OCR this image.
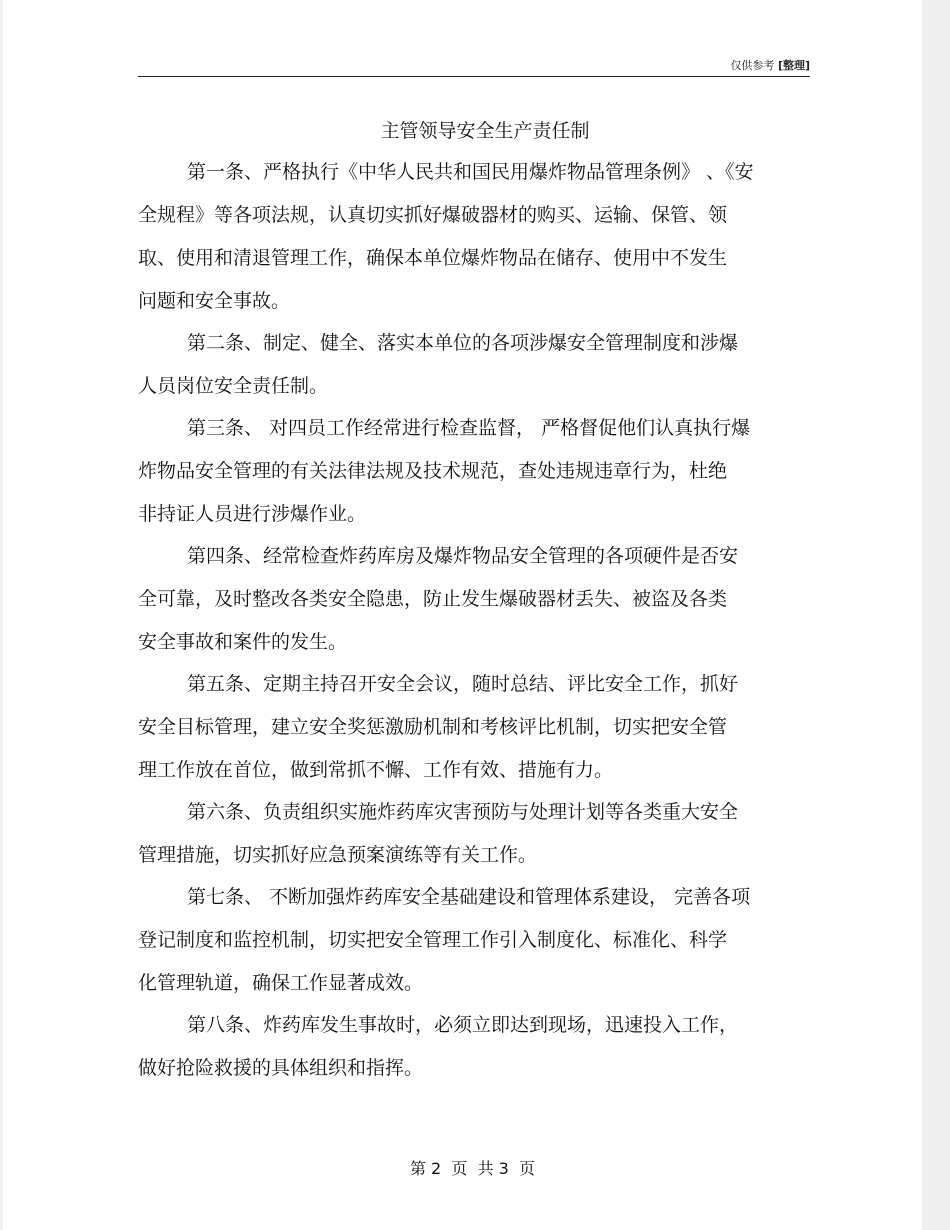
仅供参考 [整理]
主管领导安全生产责任制
第一条、严格执行《中华人民共和国民用爆炸物品管理条例》 、《安
全规程》等各项法规，认真切实抓好爆破器材的购买、运输、保管、领
取、使用和清退管理工作，确保本单位爆炸物品在储存、使用中不发生
问题和安全事故。
第二条、制定、健全、落实本单位的各项涉爆安全管理制度和涉爆
人员岗位安全责任制。
第三条、 对四员工作经常进行检查监督， 严格督促他们认真执行爆
炸物品安全管理的有关法律法规及技术规范，查处违规违章行为，杜绝
非持证人员进行涉爆作业。
第四条、经常检查炸药库房及爆炸物品安全管理的各项硬件是否安
全可靠，及时整改各类安全隐患，防止发生爆破器材丢失、被盗及各类
安全事故和案件的发生。
第五条、定期主持召开安全会议，随时总结、评比安全工作，抓好
安全目标管理，建立安全奖惩激励机制和考核评比机制，切实把安全管
理工作放在首位，做到常抓不懈、工作有效、措施有力。
第六条、负责组织实施炸药库灾害预防与处理计划等各类重大安全
管理措施，切实抓好应急预案演练等有关工作。
第七条、 不断加强炸药库安全基础建设和管理体系建设， 完善各项
登记制度和监控机制，切实把安全管理工作引入制度化、标准化、科学
化管理轨道，确保工作显著成效。
第八条、炸药库发生事故时，必须立即达到现场，迅速投入工作，
做好抢险救援的具体组织和指挥。
第 2  页  共 3  页
